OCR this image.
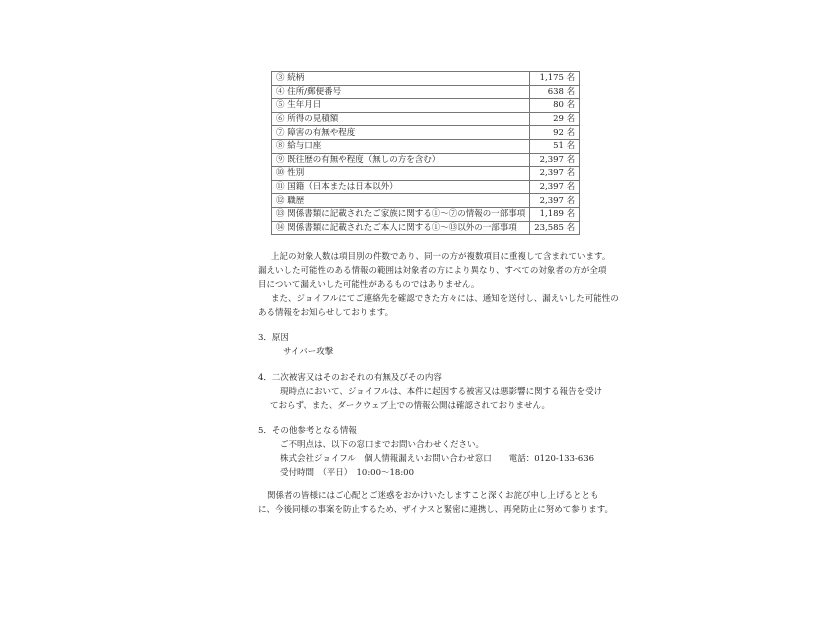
③ 続柄	1,175 名
④ 住所/郵便番号	638 名
⑤ 生年月日	80 名
⑥ 所得の見積額	29 名
⑦ 障害の有無や程度	92 名
⑧ 給与口座	51 名
⑨ 既往歴の有無や程度（無しの方を含む）	2,397 名
⑩ 性別	2,397 名
⑪ 国籍（日本または日本以外）	2,397 名
⑫ 職歴	2,397 名
⑬ 関係書類に記載されたご家族に関する①～⑦の情報の一部事項	1,189 名
⑭ 関係書類に記載されたご本人に関する①～⑬以外の一部事項	23,585 名
上記の対象人数は項目別の件数であり、同一の方が複数項目に重複して含まれています。
漏えいした可能性のある情報の範囲は対象者の方により異なり、すべての対象者の方が全項
目について漏えいした可能性があるものではありません。
また、ジョイフルにてご連絡先を確認できた方々には、通知を送付し、漏えいした可能性の
ある情報をお知らせしております。
3．原因
サイバー攻撃
4．二次被害又はそのおそれの有無及びその内容
現時点において、ジョイフルは、本件に起因する被害又は悪影響に関する報告を受け
ておらず、また、ダークウェブ上での情報公開は確認されておりません。
5．その他参考となる情報
ご不明点は、以下の窓口までお問い合わせください。
株式会社ジョイフル　個人情報漏えいお問い合わせ窓口　　電話：0120-133-636
受付時間　（平日）　10:00～18:00
関係者の皆様にはご心配とご迷惑をおかけいたしますこと深くお詫び申し上げるととも
に、今後同様の事案を防止するため、ザイナスと緊密に連携し、再発防止に努めて参ります。
